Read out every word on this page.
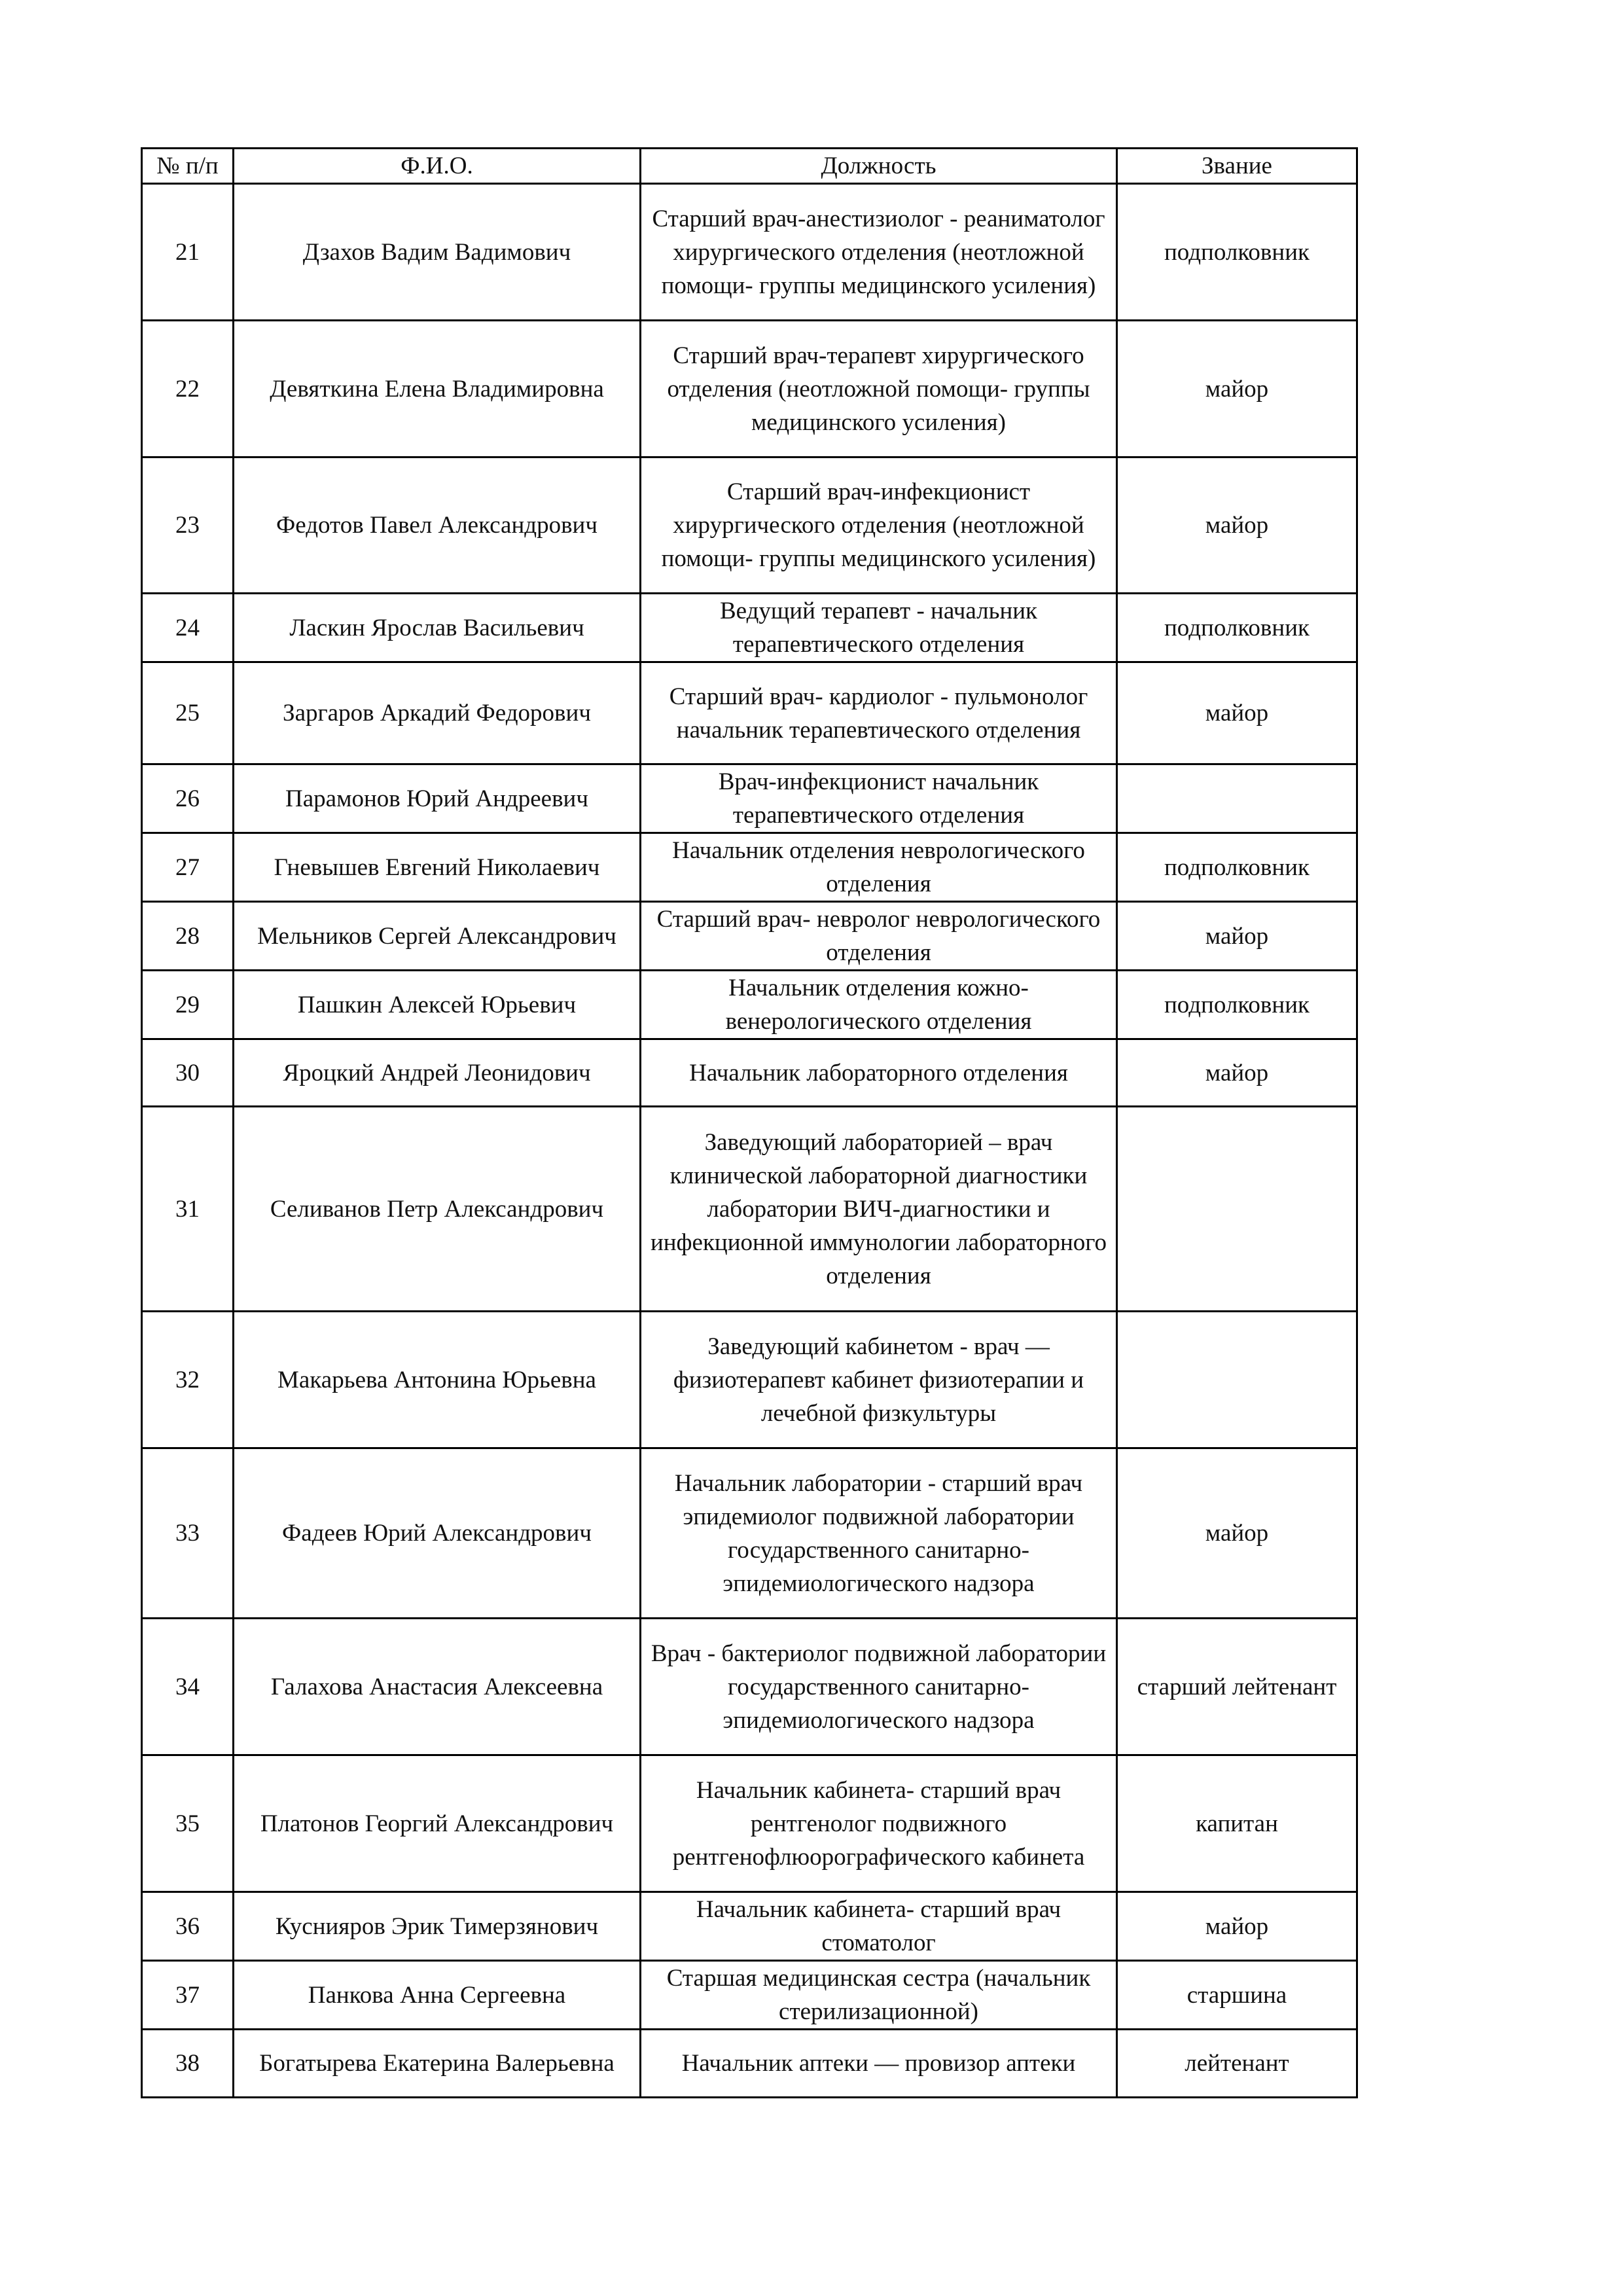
№ п/п	Ф.И.О.	Должность	Звание
21	Дзахов Вадим Вадимович	Старший врач-анестизиолог - реаниматолог хирургического отделения (неотложной помощи- группы медицинского усиления)	подполковник
22	Девяткина Елена Владимировна	Старший врач-терапевт хирургического отделения (неотложной помощи- группы медицинского усиления)	майор
23	Федотов Павел Александрович	Старший врач-инфекционист хирургического отделения (неотложной помощи- группы медицинского усиления)	майор
24	Ласкин Ярослав Васильевич	Ведущий терапевт - начальник терапевтического отделения	подполковник
25	Заргаров Аркадий Федорович	Старший врач- кардиолог - пульмонолог начальник терапевтического отделения	майор
26	Парамонов Юрий Андреевич	Врач-инфекционист начальник терапевтического отделения	
27	Гневышев Евгений Николаевич	Начальник отделения неврологического отделения	подполковник
28	Мельников Сергей Александрович	Старший врач- невролог неврологического отделения	майор
29	Пашкин Алексей Юрьевич	Начальник отделения кожно-венерологического отделения	подполковник
30	Яроцкий Андрей Леонидович	Начальник лабораторного отделения	майор
31	Селиванов Петр Александрович	Заведующий лабораторией – врач клинической лабораторной диагностики лаборатории ВИЧ-диагностики и инфекционной иммунологии лабораторного отделения	
32	Макарьева Антонина Юрьевна	Заведующий кабинетом - врач — физиотерапевт кабинет физиотерапии и лечебной физкультуры	
33	Фадеев Юрий Александрович	Начальник лаборатории - старший врач эпидемиолог подвижной лаборатории государственного санитарно-эпидемиологического надзора	майор
34	Галахова Анастасия Алексеевна	Врач - бактериолог подвижной лаборатории государственного санитарно-эпидемиологического надзора	старший лейтенант
35	Платонов Георгий Александрович	Начальник кабинета- старший врач рентгенолог подвижного рентгенофлюорографического кабинета	капитан
36	Куснияров Эрик Тимерзянович	Начальник кабинета- старший врач стоматолог	майор
37	Панкова Анна Сергеевна	Старшая медицинская сестра (начальник стерилизационной)	старшина
38	Богатырева Екатерина Валерьевна	Начальник аптеки — провизор аптеки	лейтенант
